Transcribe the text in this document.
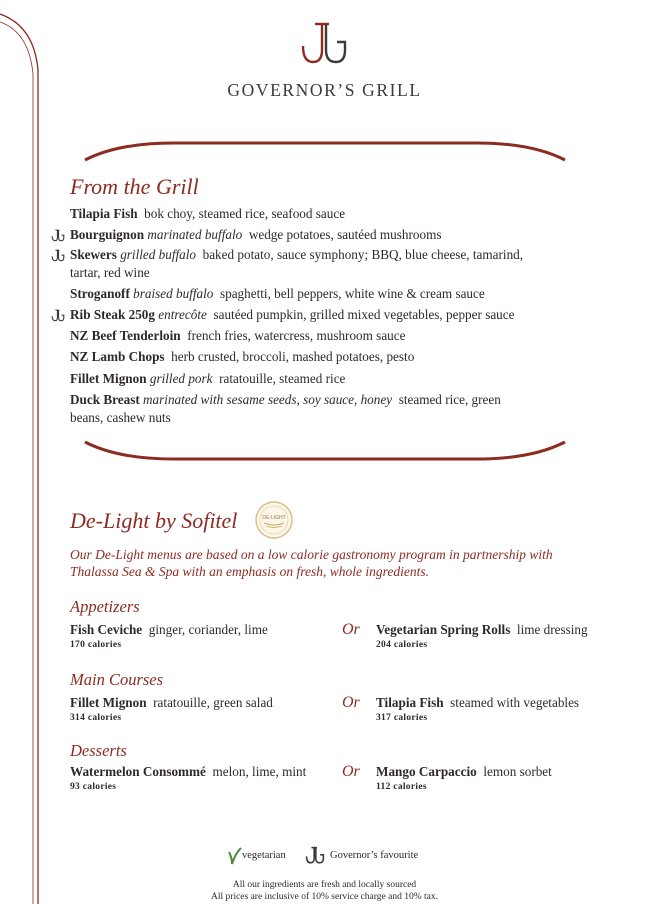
GOVERNOR’S GRILL
From the Grill
Tilapia Fish bok choy, steamed rice, seafood sauce
Bourguignon marinated buffalo wedge potatoes, sautéed mushrooms
Skewers grilled buffalo baked potato, sauce symphony; BBQ, blue cheese, tamarind,
tartar, red wine
Stroganoff braised buffalo spaghetti, bell peppers, white wine & cream sauce
Rib Steak 250g entrecôte sautéed pumpkin, grilled mixed vegetables, pepper sauce
NZ Beef Tenderloin french fries, watercress, mushroom sauce
NZ Lamb Chops herb crusted, broccoli, mashed potatoes, pesto
Fillet Mignon grilled pork ratatouille, steamed rice
Duck Breast marinated with sesame seeds, soy sauce, honey steamed rice, green
beans, cashew nuts
De-Light by Sofitel	DE-LIGHT
Our De-Light menus are based on a low calorie gastronomy program in partnership with
Thalassa Sea & Spa with an emphasis on fresh, whole ingredients.
Appetizers
Fish Ceviche ginger, coriander, lime
170 calories
Vegetarian Spring Rolls lime dressing
204 calories
Or
Main Courses
Fillet Mignon ratatouille, green salad
314 calories
Tilapia Fish steamed with vegetables
317 calories
Or
Desserts
Watermelon Consommé melon, lime, mint
93 calories
Mango Carpaccio lemon sorbet
112 calories
Or
vegetarian	Governor’s favourite
All our ingredients are fresh and locally sourced
All prices are inclusive of 10% service charge and 10% tax.
